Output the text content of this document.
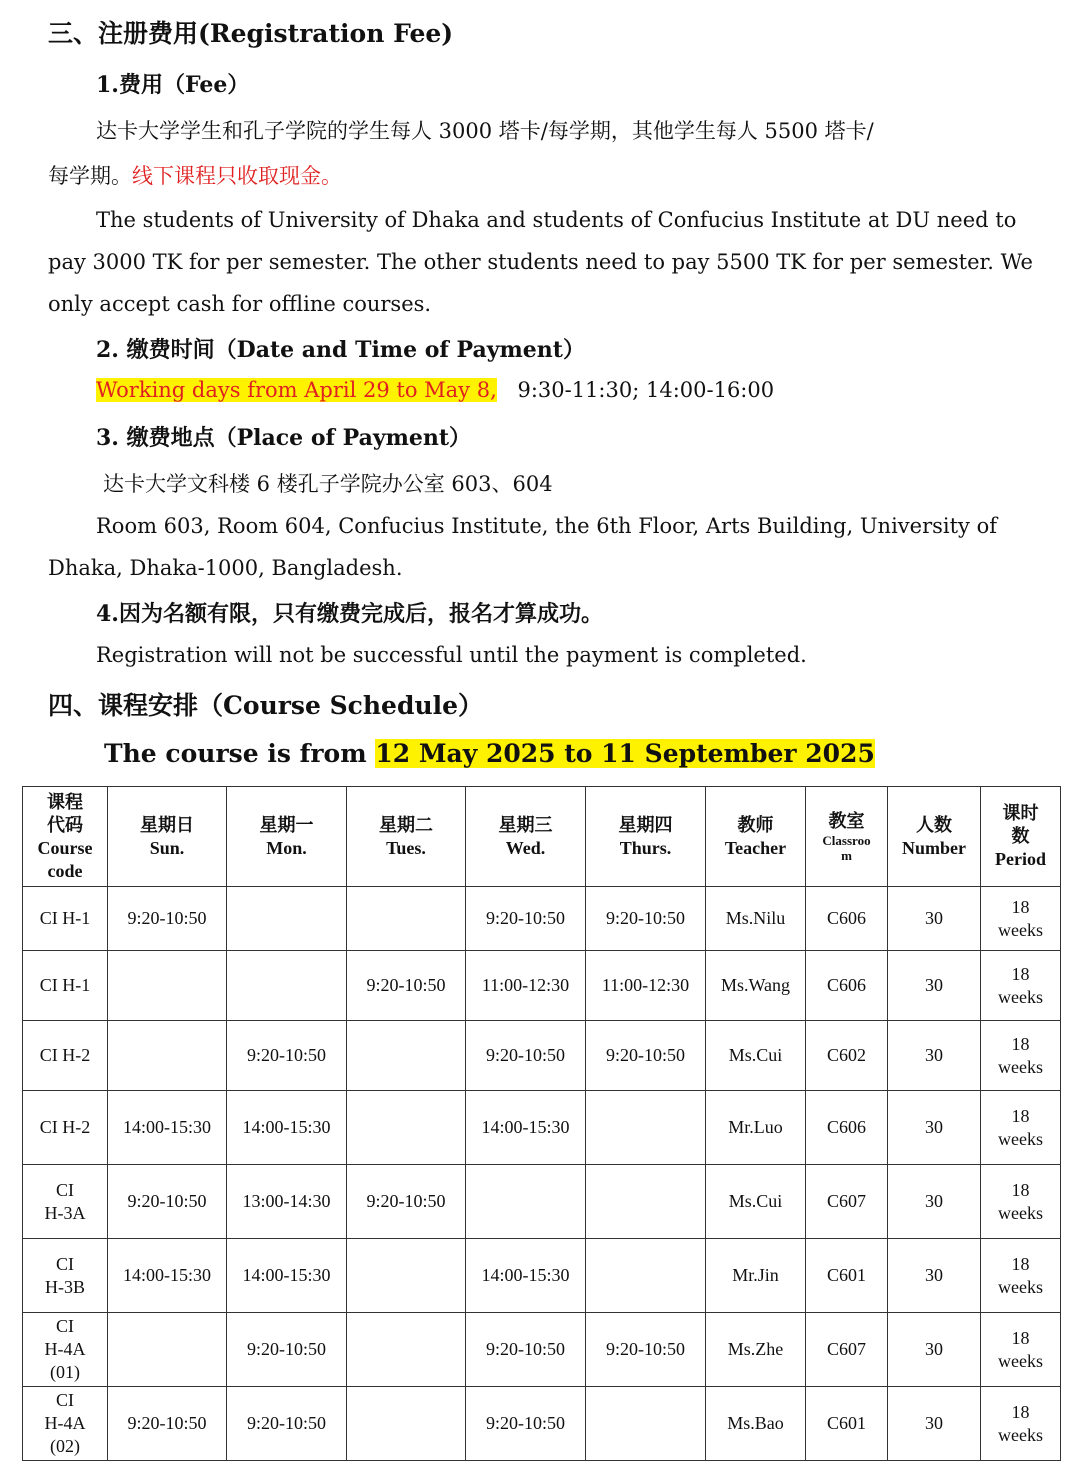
三、注册费用(Registration Fee)
1.费用（Fee）
达卡大学学生和孔子学院的学生每人 3000 塔卡/每学期，其他学生每人 5500 塔卡/
每学期。线下课程只收取现金。
The students of University of Dhaka and students of Confucius Institute at DU need to
pay 3000 TK for per semester. The other students need to pay 5500 TK for per semester. We
only accept cash for offline courses.
2. 缴费时间（Date and Time of Payment）
Working days from April 29 to May 8, 9:30-11:30; 14:00-16:00
3. 缴费地点（Place of Payment）
达卡大学文科楼 6 楼孔子学院办公室 603、604
Room 603, Room 604, Confucius Institute, the 6th Floor, Arts Building, University of
Dhaka, Dhaka-1000, Bangladesh.
4.因为名额有限，只有缴费完成后，报名才算成功。
Registration will not be successful until the payment is completed.
四、课程安排（Course Schedule）
The course is from 12 May 2025 to 11 September 2025
课程
代码
Course
code	星期日
Sun.	星期一
Mon.	星期二
Tues.	星期三
Wed.	星期四
Thurs.	教师
Teacher	教室
Classroo
m	人数
Number	课时
数
Period

CI H-1	9:20-10:50			9:20-10:50	9:20-10:50	Ms.Nilu	C606	30	18
weeks

CI H-1			9:20-10:50	11:00-12:30	11:00-12:30	Ms.Wang	C606	30	18
weeks

CI H-2		9:20-10:50		9:20-10:50	9:20-10:50	Ms.Cui	C602	30	18
weeks

CI H-2	14:00-15:30	14:00-15:30		14:00-15:30		Mr.Luo	C606	30	18
weeks

CI
H-3A	9:20-10:50	13:00-14:30	9:20-10:50			Ms.Cui	C607	30	18
weeks

CI
H-3B	14:00-15:30	14:00-15:30		14:00-15:30		Mr.Jin	C601	30	18
weeks

CI
H-4A
(01)		9:20-10:50		9:20-10:50	9:20-10:50	Ms.Zhe	C607	30	18
weeks

CI
H-4A
(02)	9:20-10:50	9:20-10:50		9:20-10:50		Ms.Bao	C601	30	18
weeks
